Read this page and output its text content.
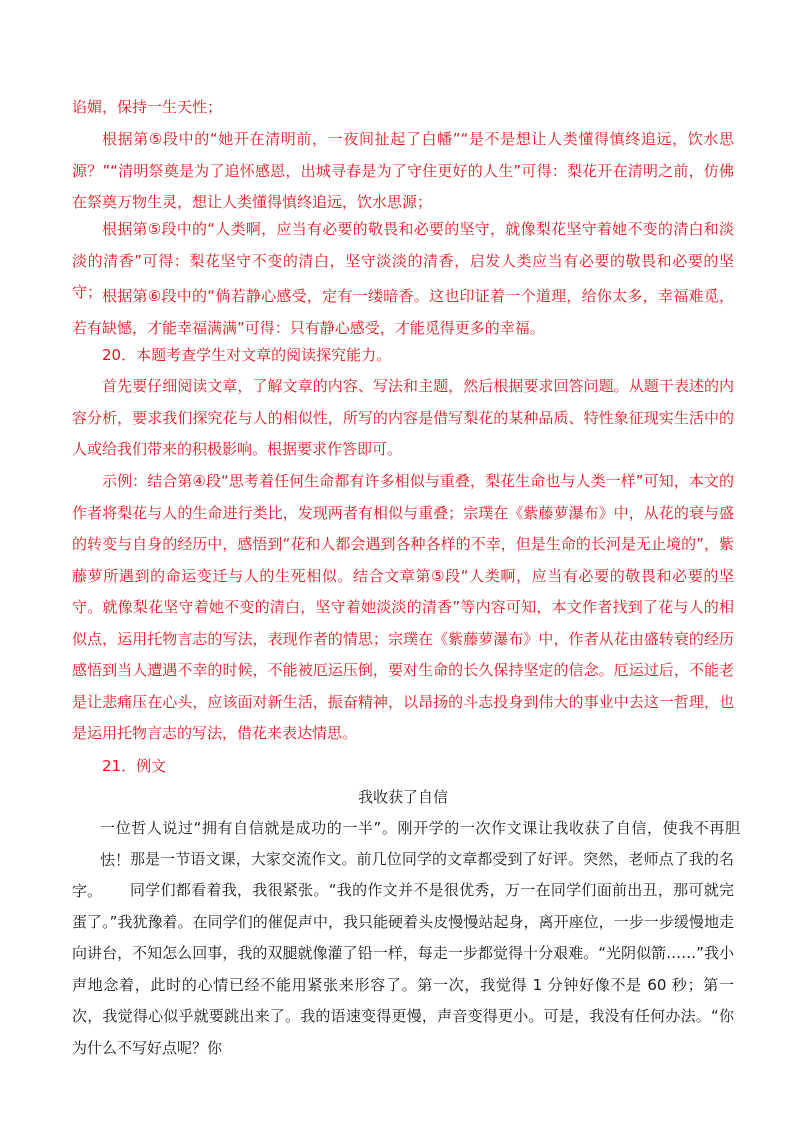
谄媚，保持一生天性；

根据第⑤段中的“她开在清明前，一夜间扯起了白幡”“是不是想让人类懂得慎终追远，饮水思源？”“清明祭奠是为了追怀感恩，出城寻春是为了守住更好的人生”可得：梨花开在清明之前，仿佛在祭奠万物生灵，想让人类懂得慎终追远，饮水思源；

根据第⑤段中的“人类啊，应当有必要的敬畏和必要的坚守，就像梨花坚守着她不变的清白和淡淡的清香”可得：梨花坚守不变的清白，坚守淡淡的清香，启发人类应当有必要的敬畏和必要的坚守； 根据第⑥段中的“倘若静心感受，定有一缕暗香。这也印证着一个道理，给你太多，幸福难觅，若有缺憾，才能幸福满满”可得：只有静心感受，才能觅得更多的幸福。

20．本题考查学生对文章的阅读探究能力。

首先要仔细阅读文章，了解文章的内容、写法和主题，然后根据要求回答问题。从题干表述的内容分析，要求我们探究花与人的相似性，所写的内容是借写梨花的某种品质、特性象征现实生活中的人或给我们带来的积极影响。根据要求作答即可。

示例：结合第④段“思考着任何生命都有许多相似与重叠，梨花生命也与人类一样”可知，本文的作者将梨花与人的生命进行类比，发现两者有相似与重叠；宗璞在《紫藤萝瀑布》中，从花的衰与盛的转变与自身的经历中，感悟到“花和人都会遇到各种各样的不幸，但是生命的长河是无止境的”，紫藤萝所遇到的命运变迁与人的生死相似。结合文章第⑤段“人类啊，应当有必要的敬畏和必要的坚守。就像梨花坚守着她不变的清白，坚守着她淡淡的清香”等内容可知，本文作者找到了花与人的相似点，运用托物言志的写法，表现作者的情思；宗璞在《紫藤萝瀑布》中，作者从花由盛转衰的经历感悟到当人遭遇不幸的时候，不能被厄运压倒，要对生命的长久保持坚定的信念。厄运过后，不能老是让悲痛压在心头，应该面对新生活，振奋精神，以昂扬的斗志投身到伟大的事业中去这一哲理，也是运用托物言志的写法，借花来表达情思。

21．例文

我收获了自信

一位哲人说过“拥有自信就是成功的一半”。刚开学的一次作文课让我收获了自信，使我不再胆怯！ 那是一节语文课，大家交流作文。前几位同学的文章都受到了好评。突然，老师点了我的名字。	同学们都看着我，我很紧张。“我的作文并不是很优秀，万一在同学们面前出丑，那可就完蛋了。”我犹豫着。在同学们的催促声中，我只能硬着头皮慢慢站起身，离开座位，一步一步缓慢地走向讲台，不知怎么回事，我的双腿就像灌了铅一样，每走一步都觉得十分艰难。“光阴似箭……”我小声地念着，此时的心情已经不能用紧张来形容了。第一次，我觉得 1 分钟好像不是 60 秒；第一次，我觉得心似乎就要跳出来了。我的语速变得更慢，声音变得更小。可是，我没有任何办法。“你为什么不写好点呢？你
